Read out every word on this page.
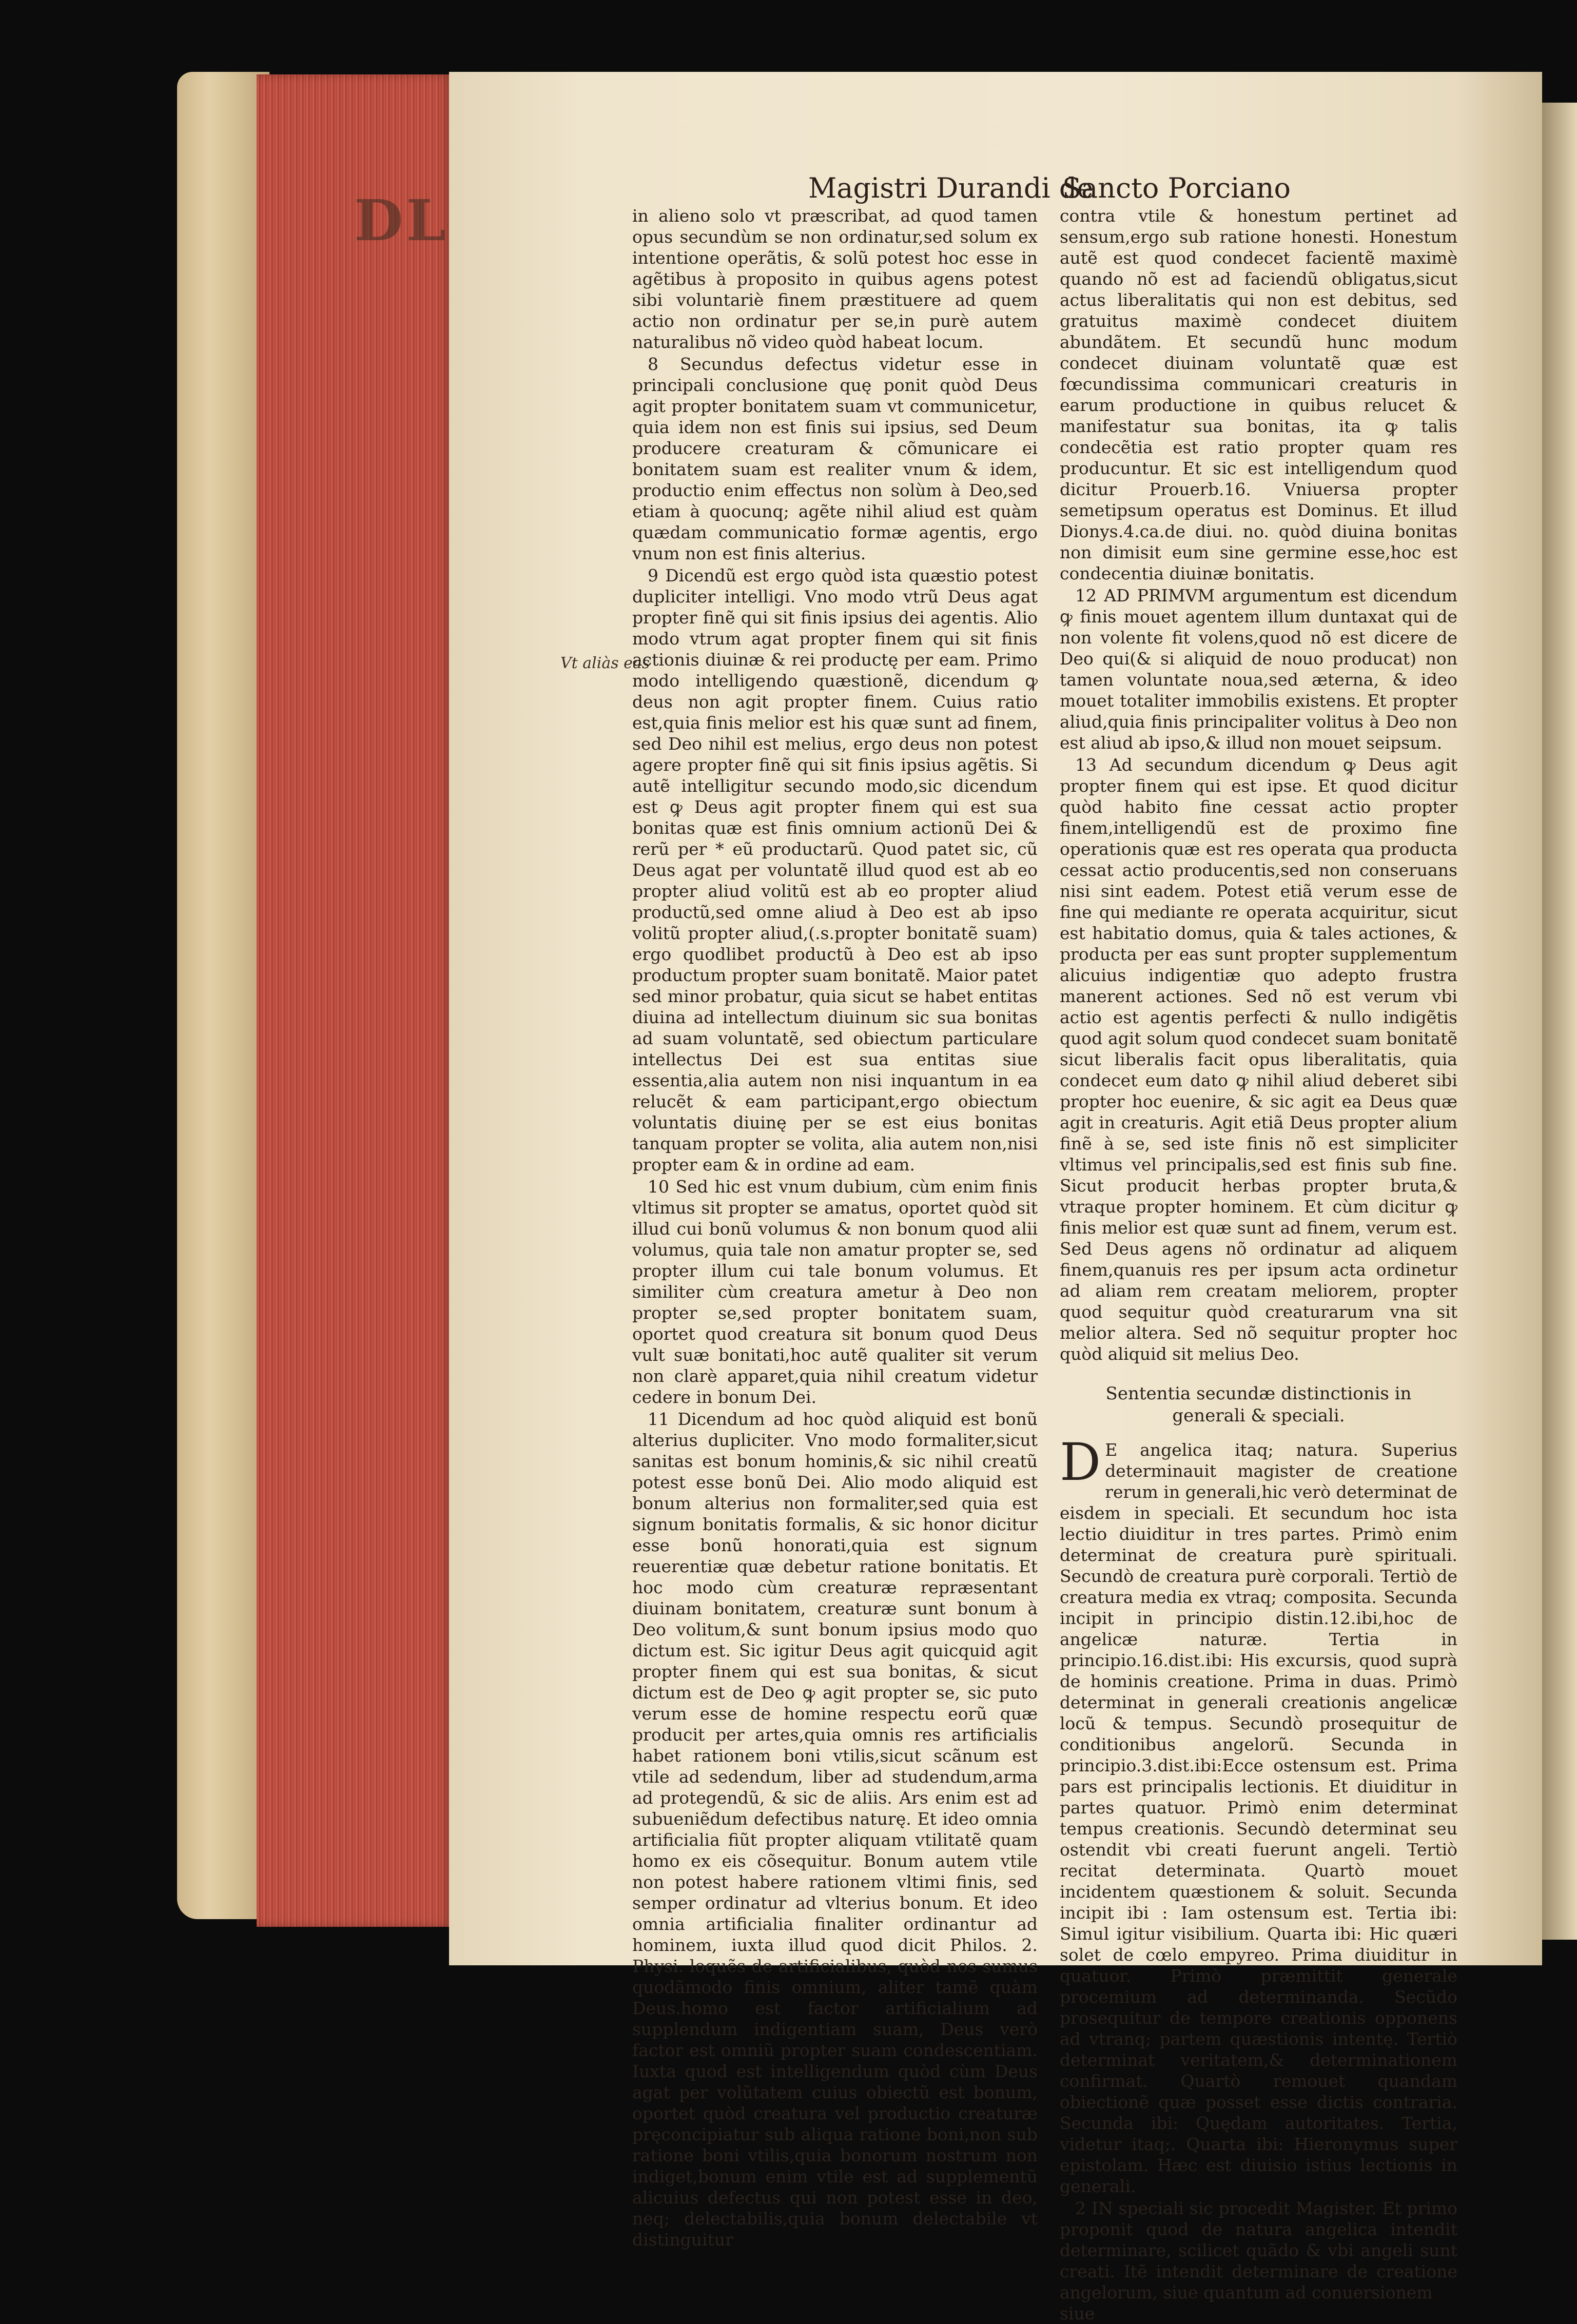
DL	Magistri Durandi de
Sancto Porciano
Vt aliàs eas

in alieno solo vt præscribat, ad quod tamen opus secundùm se non ordinatur,sed solum ex intentione operãtis, & solũ potest hoc esse in agẽtibus à proposito in quibus agens potest sibi voluntariè finem præstituere ad quem actio non ordinatur per se,in purè autem naturalibus nõ video quòd habeat locum.

8 Secundus defectus videtur esse in principali conclusione quę ponit quòd Deus agit propter bonitatem suam vt communicetur, quia idem non est finis sui ipsius, sed Deum producere creaturam & cõmunicare ei bonitatem suam est realiter vnum & idem, productio enim effectus non solùm à Deo,sed etiam à quocunq; agẽte nihil aliud est quàm quædam communicatio formæ agentis, ergo vnum non est finis alterius.

9 Dicendũ est ergo quòd ista quæstio potest dupliciter intelligi. Vno modo vtrũ Deus agat propter finẽ qui sit finis ipsius dei agentis. Alio modo vtrum agat propter finem qui sit finis actionis diuinæ & rei productę per eam. Primo modo intelligendo quæstionẽ, dicendum ꝙ deus non agit propter finem. Cuius ratio est,quia finis melior est his quæ sunt ad finem, sed Deo nihil est melius, ergo deus non potest agere propter finẽ qui sit finis ipsius agẽtis. Si autẽ intelligitur secundo modo,sic dicendum est ꝙ Deus agit propter finem qui est sua bonitas quæ est finis omnium actionũ Dei & rerũ per * eũ productarũ. Quod patet sic, cũ Deus agat per voluntatẽ illud quod est ab eo propter aliud volitũ est ab eo propter aliud productũ,sed omne aliud à Deo est ab ipso volitũ propter aliud,(.s.propter bonitatẽ suam) ergo quodlibet productũ à Deo est ab ipso productum propter suam bonitatẽ. Maior patet sed minor probatur, quia sicut se habet entitas diuina ad intellectum diuinum sic sua bonitas ad suam voluntatẽ, sed obiectum particulare intellectus Dei est sua entitas siue essentia,alia autem non nisi inquantum in ea relucẽt & eam participant,ergo obiectum voluntatis diuinę per se est eius bonitas tanquam propter se volita, alia autem non,nisi propter eam & in ordine ad eam.

10 Sed hic est vnum dubium, cùm enim finis vltimus sit propter se amatus, oportet quòd sit illud cui bonũ volumus & non bonum quod alii volumus, quia tale non amatur propter se, sed propter illum cui tale bonum volumus. Et similiter cùm creatura ametur à Deo non propter se,sed propter bonitatem suam, oportet quod creatura sit bonum quod Deus vult suæ bonitati,hoc autẽ qualiter sit verum non clarè apparet,quia nihil creatum videtur cedere in bonum Dei.

11 Dicendum ad hoc quòd aliquid est bonũ alterius dupliciter. Vno modo formaliter,sicut sanitas est bonum hominis,& sic nihil creatũ potest esse bonũ Dei. Alio modo aliquid est bonum alterius non formaliter,sed quia est signum bonitatis formalis, & sic honor dicitur esse bonũ honorati,quia est signum reuerentiæ quæ debetur ratione bonitatis. Et hoc modo cùm creaturæ repræsentant diuinam bonitatem, creaturæ sunt bonum à Deo volitum,& sunt bonum ipsius modo quo dictum est. Sic igitur Deus agit quicquid agit propter finem qui est sua bonitas, & sicut dictum est de Deo ꝙ agit propter se, sic puto verum esse de homine respectu eorũ quæ producit per artes,quia omnis res artificialis habet rationem boni vtilis,sicut scãnum est vtile ad sedendum, liber ad studendum,arma ad protegendũ, & sic de aliis. Ars enim est ad subueniẽdum defectibus naturę. Et ideo omnia artificialia fiũt propter aliquam vtilitatẽ quam homo ex eis cõsequitur. Bonum autem vtile non potest habere rationem vltimi finis, sed semper ordinatur ad vlterius bonum. Et ideo omnia artificialia finaliter ordinantur ad hominem, iuxta illud quod dicit Philos. 2. Physi. loquẽs de artificialibus, quòd nos sumus quodãmodo finis omnium, aliter tamẽ quàm Deus.homo est factor artificialium ad supplendum indigentiam suam, Deus verò factor est omniũ propter suam condescentiam. Iuxta quod est intelligendum quòd cùm Deus agat per volũtatem cuius obiectũ est bonum, oportet quòd creatura vel productio creaturæ pręconcipiatur sub aliqua ratione boni,non sub ratione boni vtilis,quia bonorum nostrum non indiget,bonum enim vtile est ad supplementũ alicuius defectus qui non potest esse in deo, neq; delectabilis,quia bonum delectabile vt distinguitur

contra vtile & honestum pertinet ad sensum,ergo sub ratione honesti. Honestum autẽ est quod condecet facientẽ maximè quando nõ est ad faciendũ obligatus,sicut actus liberalitatis qui non est debitus, sed gratuitus maximè condecet diuitem abundãtem. Et secundũ hunc modum condecet diuinam voluntatẽ quæ est fœcundissima communicari creaturis in earum productione in quibus relucet & manifestatur sua bonitas, ita ꝙ talis condecẽtia est ratio propter quam res producuntur. Et sic est intelligendum quod dicitur Prouerb.16. Vniuersa propter semetipsum operatus est Dominus. Et illud Dionys.4.ca.de diui. no. quòd diuina bonitas non dimisit eum sine germine esse,hoc est condecentia diuinæ bonitatis.

12 AD PRIMVM argumentum est dicendum ꝙ finis mouet agentem illum duntaxat qui de non volente fit volens,quod nõ est dicere de Deo qui(& si aliquid de nouo producat) non tamen voluntate noua,sed æterna, & ideo mouet totaliter immobilis existens. Et propter aliud,quia finis principaliter volitus à Deo non est aliud ab ipso,& illud non mouet seipsum.

13 Ad secundum dicendum ꝙ Deus agit propter finem qui est ipse. Et quod dicitur quòd habito fine cessat actio propter finem,intelligendũ est de proximo fine operationis quæ est res operata qua producta cessat actio producentis,sed non conseruans nisi sint eadem. Potest etiã verum esse de fine qui mediante re operata acquiritur, sicut est habitatio domus, quia & tales actiones, & producta per eas sunt propter supplementum alicuius indigentiæ quo adepto frustra manerent actiones. Sed nõ est verum vbi actio est agentis perfecti & nullo indigẽtis quod agit solum quod condecet suam bonitatẽ sicut liberalis facit opus liberalitatis, quia condecet eum dato ꝙ nihil aliud deberet sibi propter hoc euenire, & sic agit ea Deus quæ agit in creaturis. Agit etiã Deus propter alium finẽ à se, sed iste finis nõ est simpliciter vltimus vel principalis,sed est finis sub fine. Sicut producit herbas propter bruta,& vtraque propter hominem. Et cùm dicitur ꝙ finis melior est quæ sunt ad finem, verum est. Sed Deus agens nõ ordinatur ad aliquem finem,quanuis res per ipsum acta ordinetur ad aliam rem creatam meliorem, propter quod sequitur quòd creaturarum vna sit melior altera. Sed nõ sequitur propter hoc quòd aliquid sit melius Deo.

Sententia secundæ distinctionis in
generali & speciali.

D E angelica itaq; natura. Superius determinauit magister de creatione rerum in generali,hic verò determinat de eisdem in speciali. Et secundum hoc ista lectio diuiditur in tres partes. Primò enim determinat de creatura purè spirituali. Secundò de creatura purè corporali. Tertiò de creatura media ex vtraq; composita. Secunda incipit in principio distin.12.ibi,hoc de angelicæ naturæ. Tertia in principio.16.dist.ibi: His excursis, quod suprà de hominis creatione. Prima in duas. Primò determinat in generali creationis angelicæ locũ & tempus. Secundò prosequitur de conditionibus angelorũ. Secunda in principio.3.dist.ibi:Ecce ostensum est. Prima pars est principalis lectionis. Et diuiditur in partes quatuor. Primò enim determinat tempus creationis. Secundò determinat seu ostendit vbi creati fuerunt angeli. Tertiò recitat determinata. Quartò mouet incidentem quæstionem & soluit. Secunda incipit ibi : Iam ostensum est. Tertia ibi: Simul igitur visibilium. Quarta ibi: Hic quæri solet de cœlo empyreo. Prima diuiditur in quatuor. Primò præmittit generale procemium ad determinanda. Secũdo prosequitur de tempore creationis opponens ad vtranq; partem quæstionis intentę. Tertiò determinat veritatem,& determinationem confirmat. Quartò remouet quandam obiectionẽ quæ posset esse dictis contraria. Secunda ibi: Quędam autoritates. Tertia, videtur itaq;. Quarta ibi: Hieronymus super epistolam. Hæc est diuisio istius lectionis in generali.

2 IN speciali sic procedit Magister. Et primo proponit quod de natura angelica intendit determinare, scilicet quãdo & vbi angeli sunt creati. Itẽ intendit determinare de creatione angelorum, siue quantum ad conuersionem

siue
